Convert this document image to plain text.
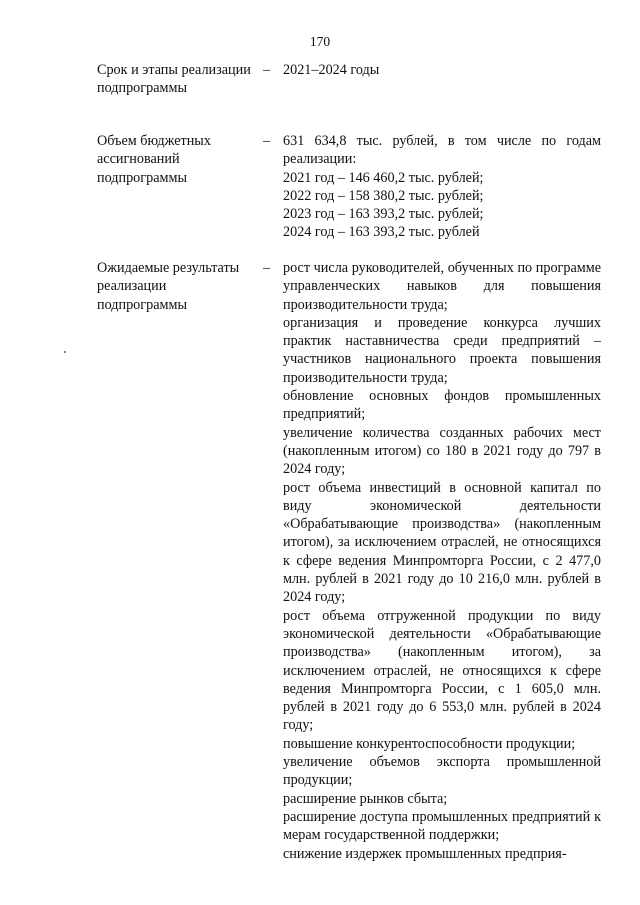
170
Срок и этапы реализации подпрограммы
– 2021–2024 годы

Объем бюджетных ассигнований подпрограммы
– 631 634,8 тыс. рублей, в том числе по годам реализации:

2021 год – 146 460,2 тыс. рублей;

2022 год – 158 380,2 тыс. рублей;

2023 год – 163 393,2 тыс. рублей;

2024 год – 163 393,2 тыс. рублей

Ожидаемые результаты реализации подпрограммы
– рост числа руководителей, обученных по программе управленческих навыков для повышения производительности труда;

организация и проведение конкурса лучших практик наставничества среди предприятий – участников национального проекта повышения производительности труда;

обновление основных фондов промышленных предприятий;

увеличение количества созданных рабочих мест (накопленным итогом) со 180 в 2021 году до 797 в 2024 году;

рост объема инвестиций в основной капитал по виду экономической деятельности «Обрабатывающие производства» (накопленным итогом), за исключением отраслей, не относящихся к сфере ведения Минпромторга России, с 2 477,0 млн. рублей в 2021 году до 10 216,0 млн. рублей в 2024 году;

рост объема отгруженной продукции по виду экономической деятельности «Обрабатывающие производства» (накопленным итогом), за исключением отраслей, не относящихся к сфере ведения Минпромторга России, с 1 605,0 млн. рублей в 2021 году до 6 553,0 млн. рублей в 2024 году;

повышение конкурентоспособности продукции;

увеличение объемов экспорта промышленной продукции;

расширение рынков сбыта;

расширение доступа промышленных предприятий к мерам государственной поддержки;

снижение издержек промышленных предприя-
